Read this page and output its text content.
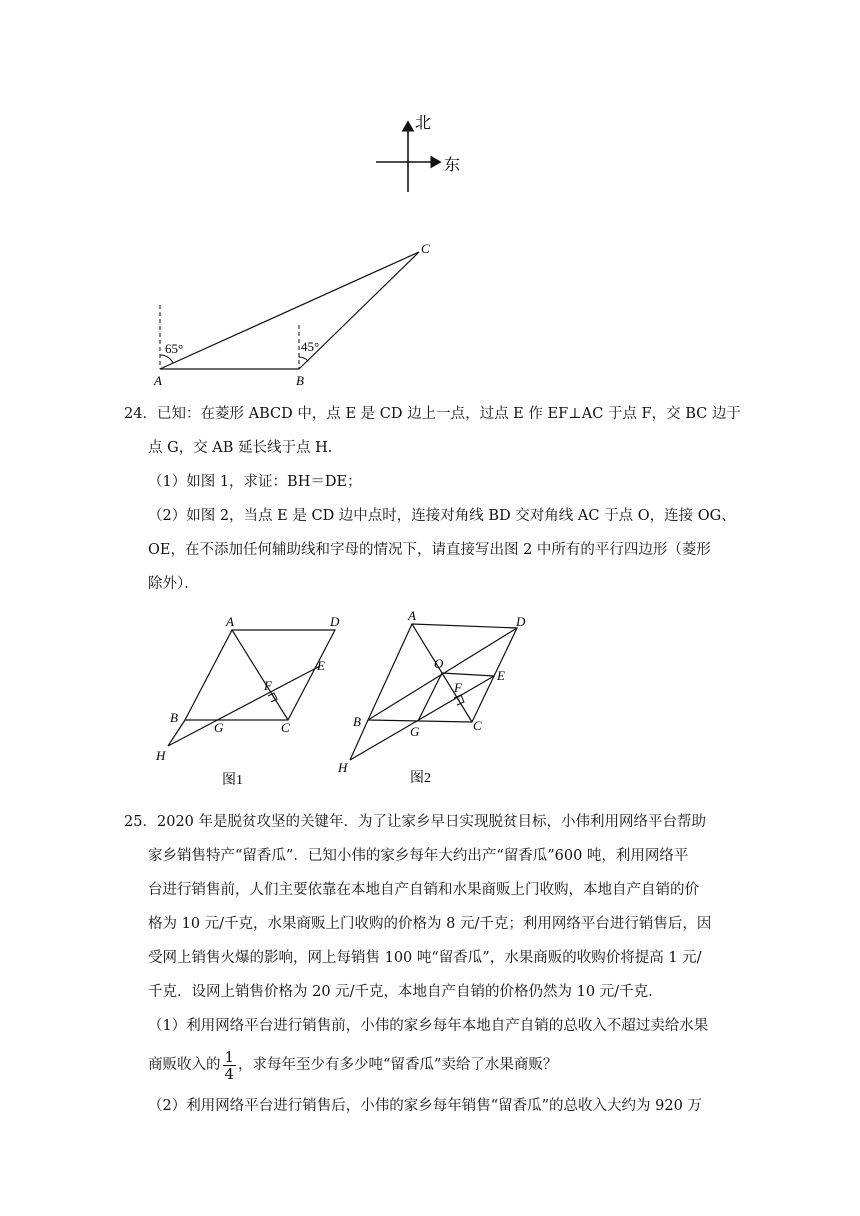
北
东
65°	45°
A	B
C
24． 已知：在菱形 ABCD 中，点 E 是 CD 边上一点，过点 E 作 EF⊥AC 于点 F，交 BC 边于
点 G，交 AB 延长线于点 H．
（1）如图 1，求证：BH＝DE；
（2）如图 2，当点 E 是 CD 边中点时，连接对角线 BD 交对角线 AC 于点 O，连接 OG、
OE，在不添加任何辅助线和字母的情况下，请直接写出图 2 中所有的平行四边形（菱形
除外）．
A	D
E
F
B
G	C
H
图1
A	D
O
E
F
B
G	C
H
图2
25． 2020 年是脱贫攻坚的关键年．为了让家乡早日实现脱贫目标，小伟利用网络平台帮助
家乡销售特产“留香瓜”．已知小伟的家乡每年大约出产“留香瓜”600 吨，利用网络平
台进行销售前，人们主要依靠在本地自产自销和水果商贩上门收购，本地自产自销的价
格为 10 元/千克，水果商贩上门收购的价格为 8 元/千克；利用网络平台进行销售后，因
受网上销售火爆的影响，网上每销售 100 吨“留香瓜”，水果商贩的收购价将提高 1 元/
千克．设网上销售价格为 20 元/千克，本地自产自销的价格仍然为 10 元/千克．
（1）利用网络平台进行销售前，小伟的家乡每年本地自产自销的总收入不超过卖给水果
商贩收入的 $\frac{1}{4}$ ，求每年至少有多少吨“留香瓜”卖给了水果商贩？
（2）利用网络平台进行销售后，小伟的家乡每年销售“留香瓜”的总收入大约为 920 万
